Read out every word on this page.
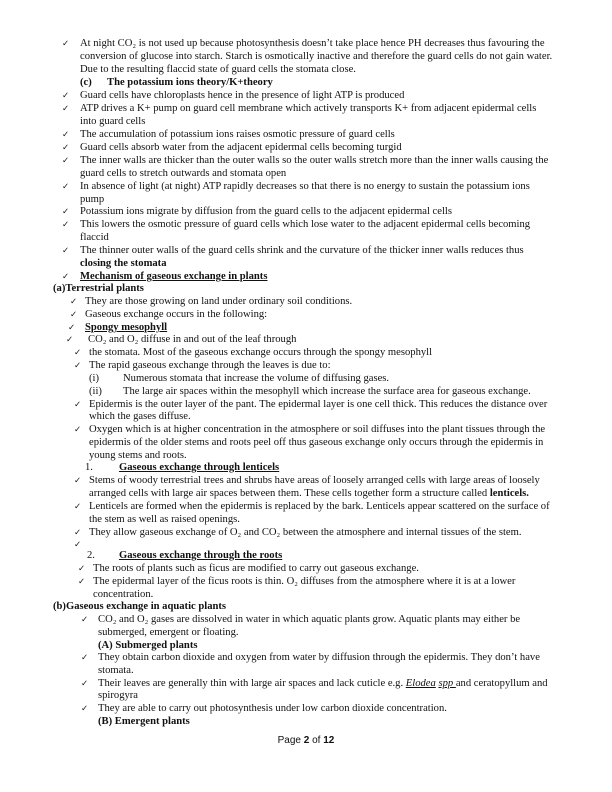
✓ At night CO₂ is not used up because photosynthesis doesn’t take place hence PH decreases thus favouring the
conversion of glucose into starch. Starch is osmotically inactive and therefore the guard cells do not gain water.
Due to the resulting flaccid state of guard cells the stomata close.
(c) The potassium ions theory/K+theory
✓ Guard cells have chloroplasts hence in the presence of light ATP is produced
✓ ATP drives a K+ pump on guard cell membrane which actively transports K+ from adjacent epidermal cells
into guard cells
✓ The accumulation of potassium ions raises osmotic pressure of guard cells
✓ Guard cells absorb water from the adjacent epidermal cells becoming turgid
✓ The inner walls are thicker than the outer walls so the outer walls stretch more than the inner walls causing the
guard cells to stretch outwards and stomata open
✓ In absence of light (at night) ATP rapidly decreases so that there is no energy to sustain the potassium ions
pump
✓ Potassium ions migrate by diffusion from the guard cells to the adjacent epidermal cells
✓ This lowers the osmotic pressure of guard cells which lose water to the adjacent epidermal cells becoming
flaccid
✓ The thinner outer walls of the guard cells shrink and the curvature of the thicker inner walls reduces thus
closing the stomata
✓ Mechanism of gaseous exchange in plants
(a)Terrestrial plants
✓ They are those growing on land under ordinary soil conditions.
✓ Gaseous exchange occurs in the following:
✓ Spongy mesophyll
✓ CO₂ and O₂ diffuse in and out of the leaf through
✓ the stomata. Most of the gaseous exchange occurs through the spongy mesophyll
✓ The rapid gaseous exchange through the leaves is due to:
(i) Numerous stomata that increase the volume of diffusing gases.
(ii) The large air spaces within the mesophyll which increase the surface area for gaseous exchange.
✓ Epidermis is the outer layer of the pant. The epidermal layer is one cell thick. This reduces the distance over
which the gases diffuse.
✓ Oxygen which is at higher concentration in the atmosphere or soil diffuses into the plant tissues through the
epidermis of the older stems and roots peel off thus gaseous exchange only occurs through the epidermis in
young stems and roots.
1. Gaseous exchange through lenticels
✓ Stems of woody terrestrial trees and shrubs have areas of loosely arranged cells with large areas of loosely
arranged cells with large air spaces between them. These cells together form a structure called lenticels.
✓ Lenticels are formed when the epidermis is replaced by the bark. Lenticels appear scattered on the surface of
the stem as well as raised openings.
✓ They allow gaseous exchange of O₂ and CO₂ between the atmosphere and internal tissues of the stem.
✓
2. Gaseous exchange through the roots
✓ The roots of plants such as ficus are modified to carry out gaseous exchange.
✓ The epidermal layer of the ficus roots is thin. O₂ diffuses from the atmosphere where it is at a lower
concentration.
(b)Gaseous exchange in aquatic plants
✓ CO₂ and O₂ gases are dissolved in water in which aquatic plants grow. Aquatic plants may either be
submerged, emergent or floating.
(A) Submerged plants
✓ They obtain carbon dioxide and oxygen from water by diffusion through the epidermis. They don’t have
stomata.
✓ Their leaves are generally thin with large air spaces and lack cuticle e.g. Elodea spp and ceratopyllum and
spirogyra
✓ They are able to carry out photosynthesis under low carbon dioxide concentration.
(B) Emergent plants
Page 2 of 12
